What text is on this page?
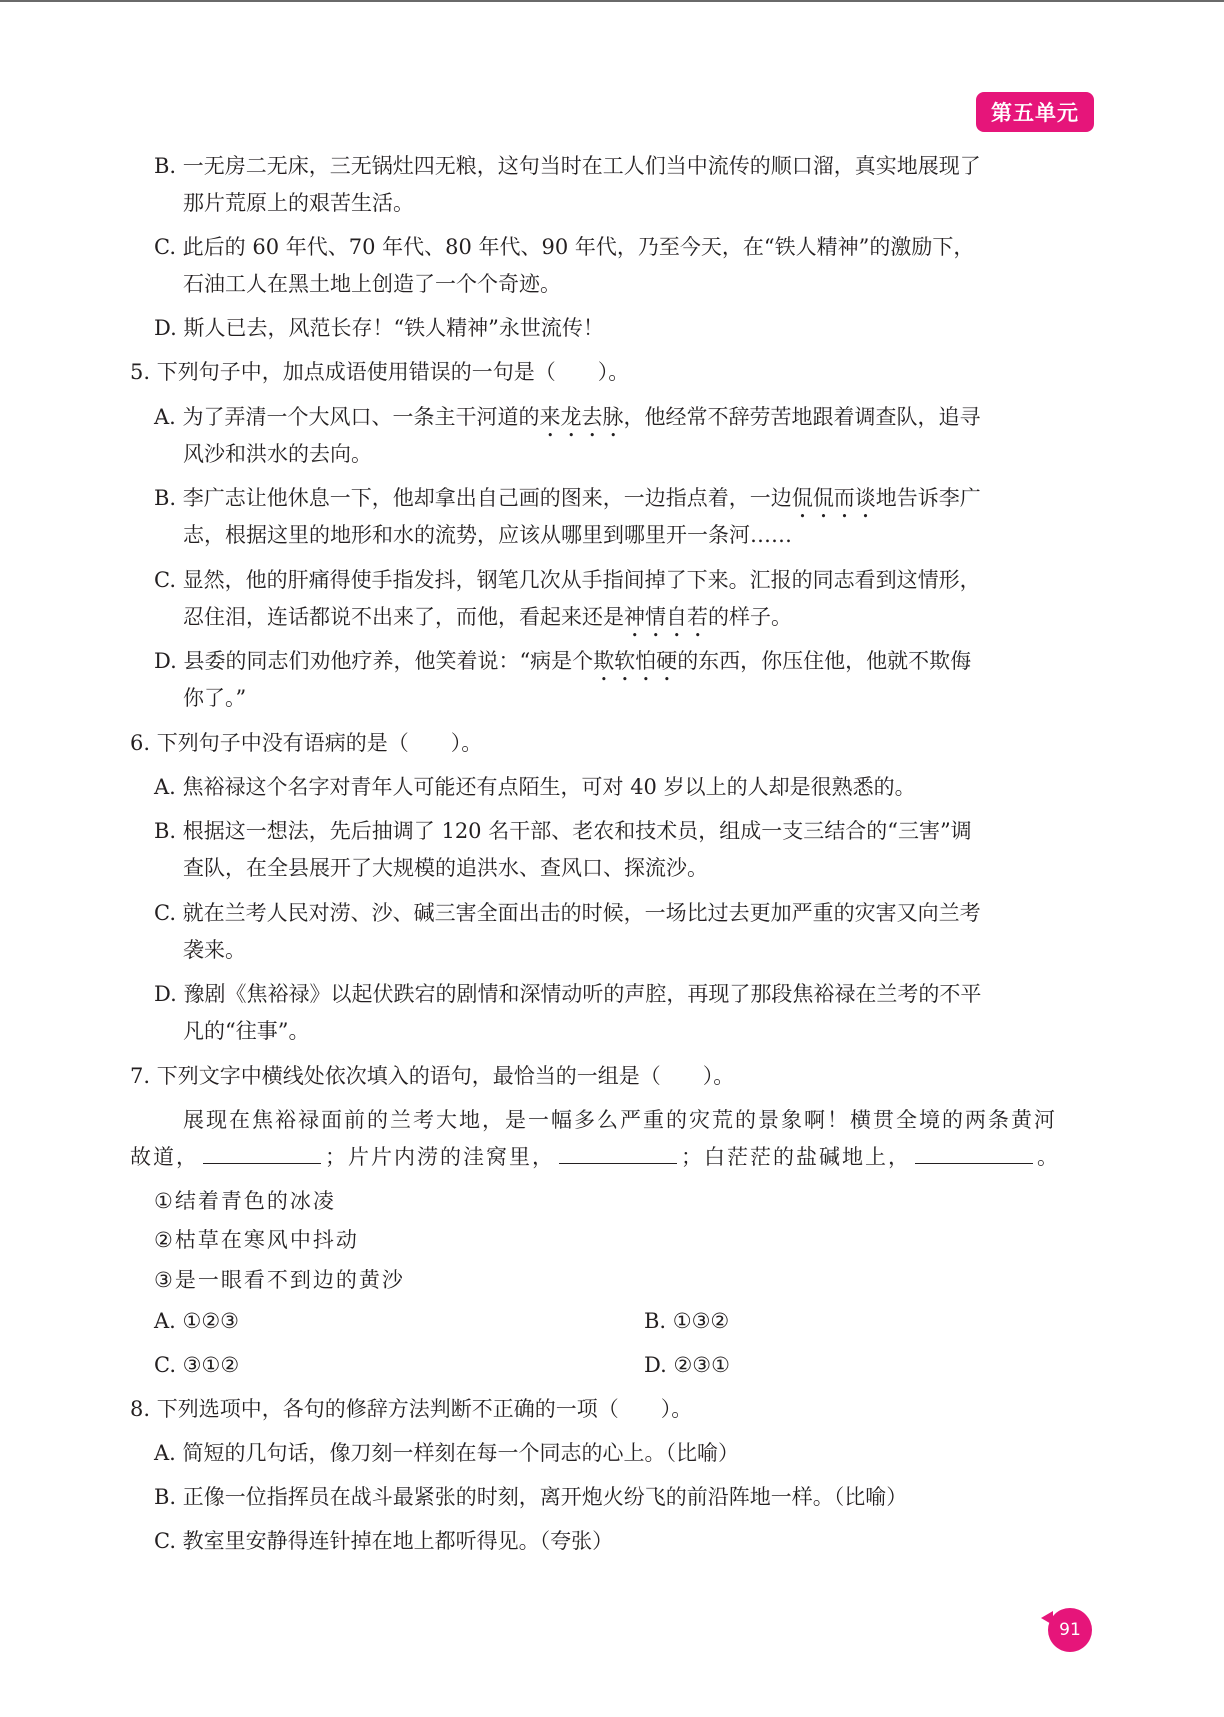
第五单元
B. 一无房二无床，三无锅灶四无粮，这句当时在工人们当中流传的顺口溜，真实地展现了
那片荒原上的艰苦生活。
C. 此后的 60 年代、70 年代、80 年代、90 年代，乃至今天，在“铁人精神”的激励下，
石油工人在黑土地上创造了一个个奇迹。
D. 斯人已去，风范长存！“铁人精神”永世流传！
5. 下列句子中，加点成语使用错误的一句是（　　）。
A. 为了弄清一个大风口、一条主干河道的来龙去脉，他经常不辞劳苦地跟着调查队，追寻
风沙和洪水的去向。
B. 李广志让他休息一下，他却拿出自己画的图来，一边指点着，一边侃侃而谈地告诉李广
志，根据这里的地形和水的流势，应该从哪里到哪里开一条河……
C. 显然，他的肝痛得使手指发抖，钢笔几次从手指间掉了下来。汇报的同志看到这情形，
忍住泪，连话都说不出来了，而他，看起来还是神情自若的样子。
D. 县委的同志们劝他疗养，他笑着说：“病是个欺软怕硬的东西，你压住他，他就不欺侮
你了。”
6. 下列句子中没有语病的是（　　）。
A. 焦裕禄这个名字对青年人可能还有点陌生，可对 40 岁以上的人却是很熟悉的。
B. 根据这一想法，先后抽调了 120 名干部、老农和技术员，组成一支三结合的“三害”调
查队，在全县展开了大规模的追洪水、查风口、探流沙。
C. 就在兰考人民对涝、沙、碱三害全面出击的时候，一场比过去更加严重的灾害又向兰考
袭来。
D. 豫剧《焦裕禄》以起伏跌宕的剧情和深情动听的声腔，再现了那段焦裕禄在兰考的不平
凡的“往事”。
7. 下列文字中横线处依次填入的语句，最恰当的一组是（　　）。
展现在焦裕禄面前的兰考大地，是一幅多么严重的灾荒的景象啊！横贯全境的两条黄河
故道，	；片片内涝的洼窝里，	；白茫茫的盐碱地上，	。
①结着青色的冰凌
②枯草在寒风中抖动
③是一眼看不到边的黄沙
A. ①②③	B. ①③②
C. ③①②	D. ②③①
8. 下列选项中，各句的修辞方法判断不正确的一项（　　）。
A. 简短的几句话，像刀刻一样刻在每一个同志的心上。（比喻）
B. 正像一位指挥员在战斗最紧张的时刻，离开炮火纷飞的前沿阵地一样。（比喻）
C. 教室里安静得连针掉在地上都听得见。（夸张）
91
